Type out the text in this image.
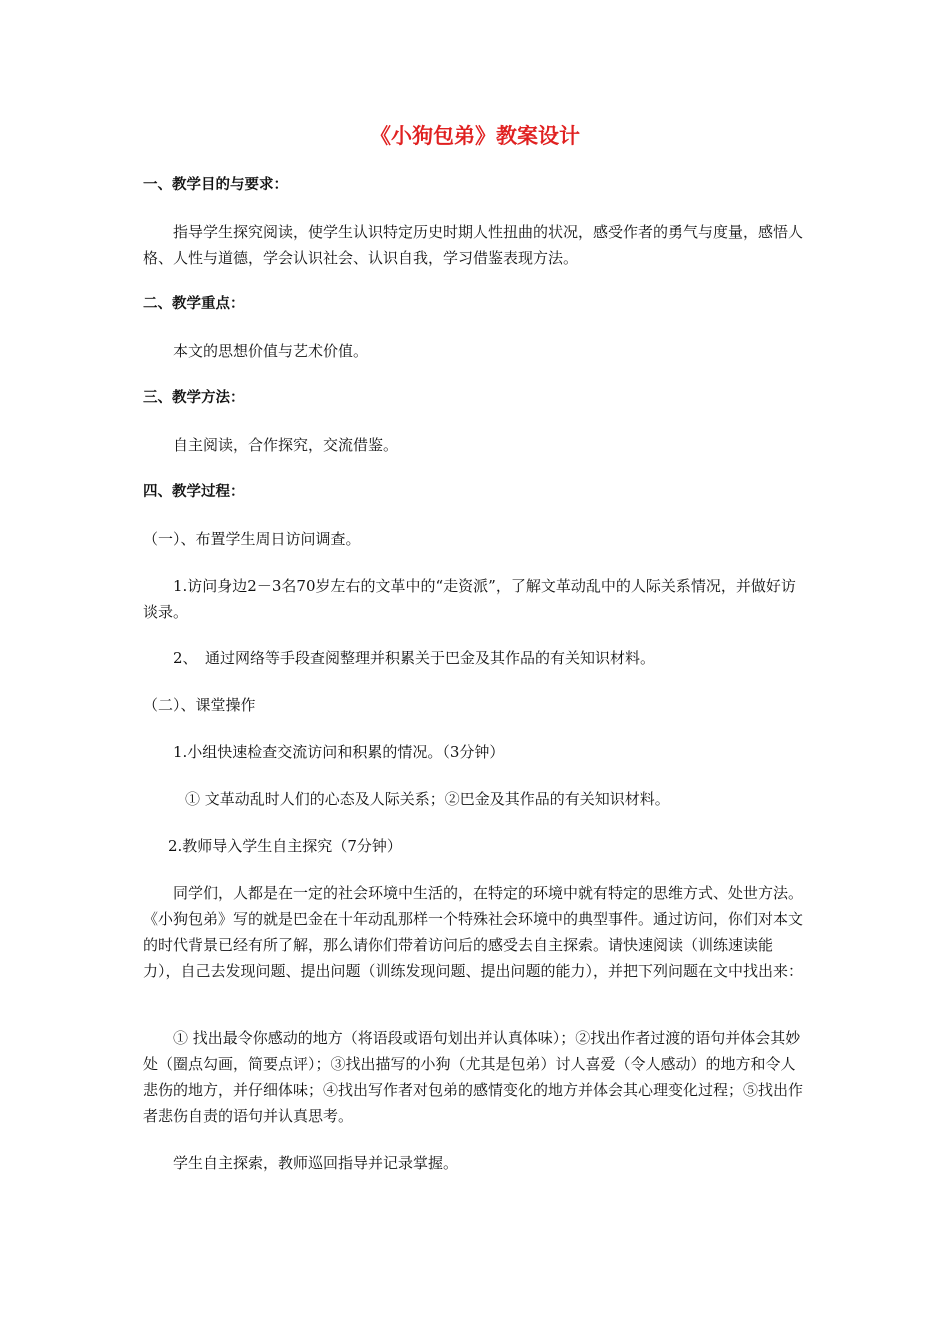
《小狗包弟》教案设计

一、教学目的与要求：

指导学生探究阅读，使学生认识特定历史时期人性扭曲的状况，感受作者的勇气与度量，感悟人格、人性与道德，学会认识社会、认识自我，学习借鉴表现方法。

二、教学重点：

本文的思想价值与艺术价值。

三、教学方法：

自主阅读，合作探究，交流借鉴。

四、教学过程：

（一）、布置学生周日访问调查。

1.访问身边2－3名70岁左右的文革中的“走资派”，了解文革动乱中的人际关系情况，并做好访谈录。

2、　通过网络等手段查阅整理并积累关于巴金及其作品的有关知识材料。

（二）、课堂操作

1.小组快速检查交流访问和积累的情况。（3分钟）

① 文革动乱时人们的心态及人际关系；②巴金及其作品的有关知识材料。

2.教师导入学生自主探究（7分钟）

同学们，人都是在一定的社会环境中生活的，在特定的环境中就有特定的思维方式、处世方法。《小狗包弟》写的就是巴金在十年动乱那样一个特殊社会环境中的典型事件。通过访问，你们对本文的时代背景已经有所了解，那么请你们带着访问后的感受去自主探索。请快速阅读（训练速读能力），自己去发现问题、提出问题（训练发现问题、提出问题的能力），并把下列问题在文中找出来：

① 找出最令你感动的地方（将语段或语句划出并认真体味）；②找出作者过渡的语句并体会其妙处（圈点勾画，简要点评）；③找出描写的小狗（尤其是包弟）讨人喜爱（令人感动）的地方和令人悲伤的地方，并仔细体味；④找出写作者对包弟的感情变化的地方并体会其心理变化过程；⑤找出作者悲伤自责的语句并认真思考。

学生自主探索，教师巡回指导并记录掌握。
